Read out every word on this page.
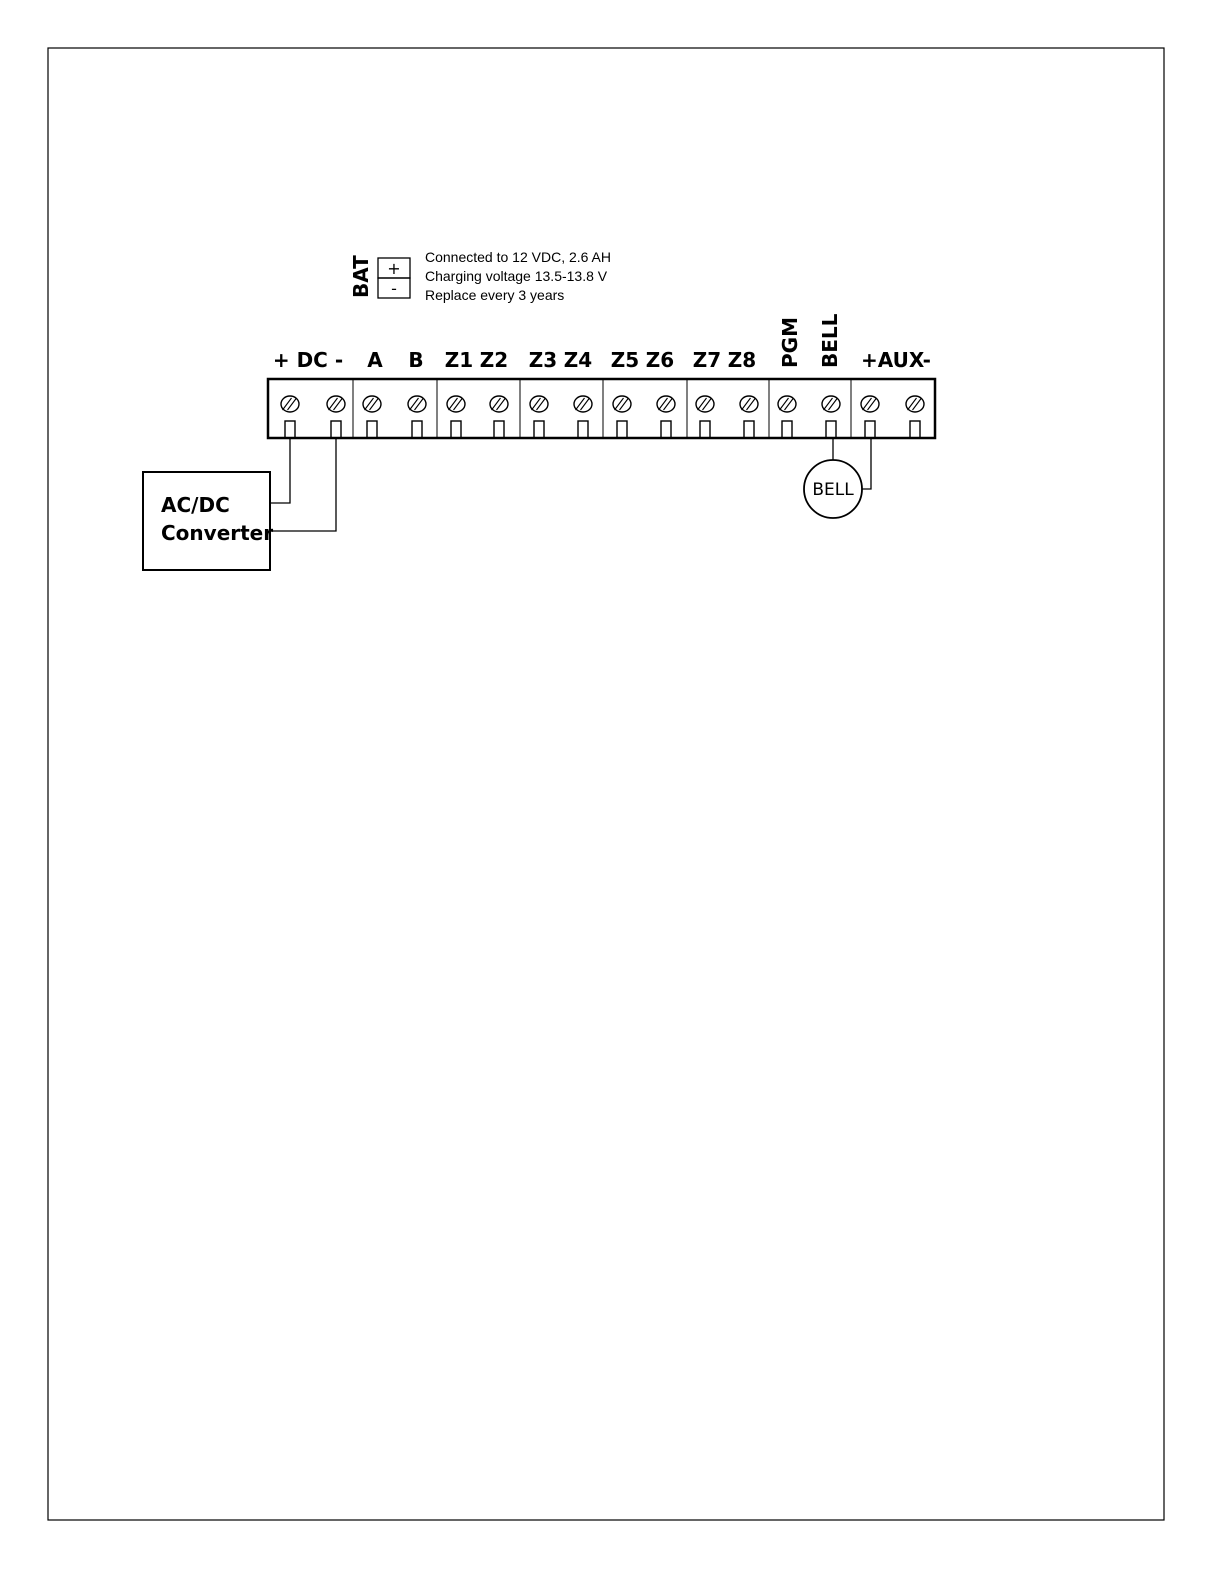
BAT +
-
Connected to 12 VDC, 2.6 AH
Charging voltage 13.5-13.8 V
Replace every 3 years
+ DC - A B Z1 Z2 Z3 Z4 Z5 Z6 Z7 Z8 PGM BELL +AUX-
AC/DC
Converter
BELL
